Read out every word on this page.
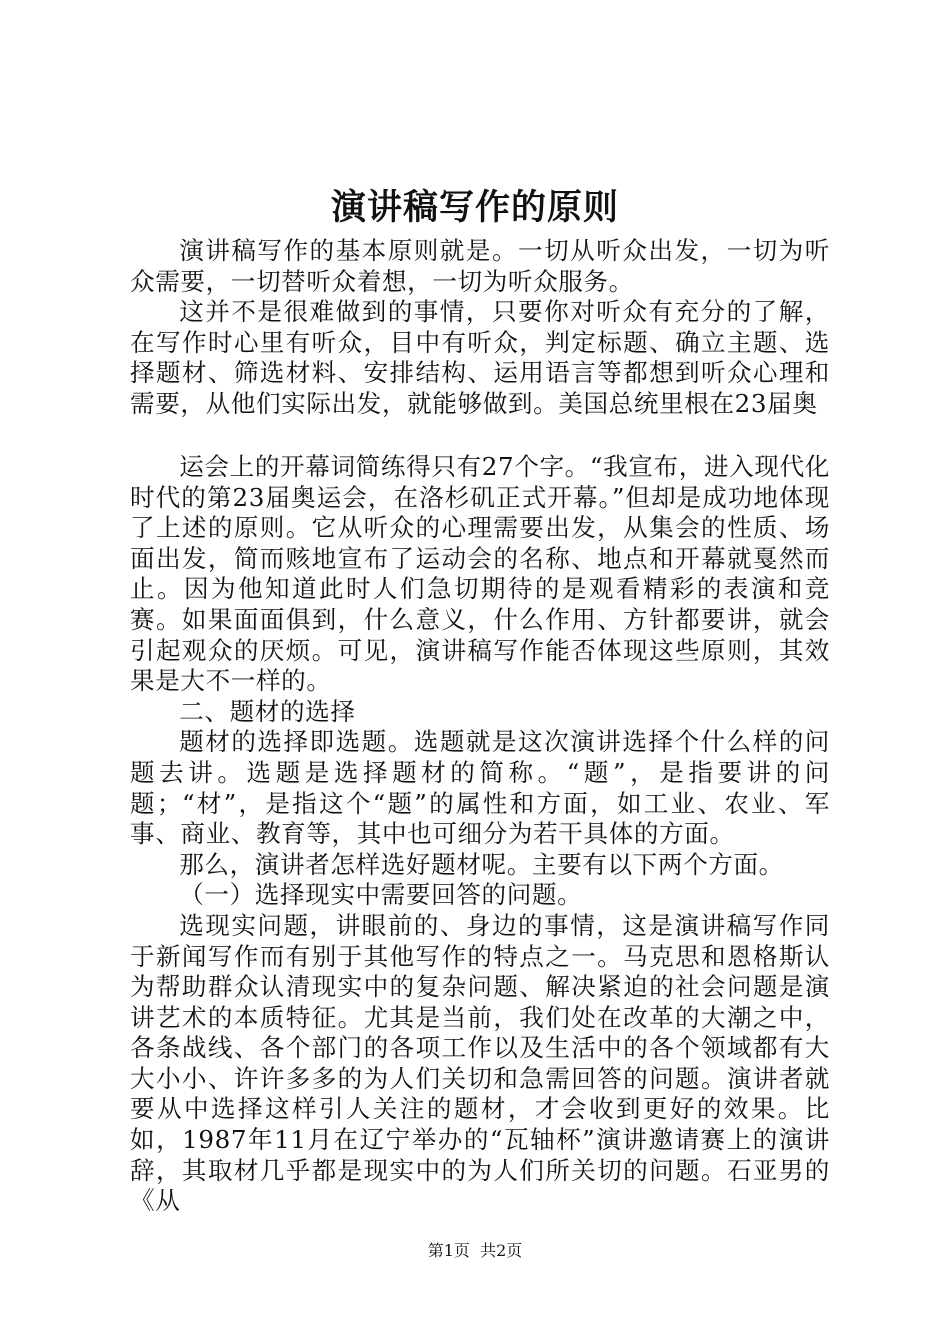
演讲稿写作的原则

演讲稿写作的基本原则就是。一切从听众出发，一切为听众需要，一切替听众着想，一切为听众服务。

这并不是很难做到的事情，只要你对听众有充分的了解，在写作时心里有听众，目中有听众，判定标题、确立主题、选择题材、筛选材料、安排结构、运用语言等都想到听众心理和需要，从他们实际出发，就能够做到。美国总统里根在23届奥

运会上的开幕词简练得只有27个字。“我宣布，进入现代化时代的第23届奥运会，在洛杉矶正式开幕。”但却是成功地体现了上述的原则。它从听众的心理需要出发，从集会的性质、场面出发，简而赅地宣布了运动会的名称、地点和开幕就戛然而止。因为他知道此时人们急切期待的是观看精彩的表演和竞赛。如果面面俱到，什么意义，什么作用、方针都要讲，就会引起观众的厌烦。可见，演讲稿写作能否体现这些原则，其效果是大不一样的。

二、题材的选择

题材的选择即选题。选题就是这次演讲选择个什么样的问题去讲。选题是选择题材的简称。“题”，是指要讲的问题；“材”，是指这个“题”的属性和方面，如工业、农业、军事、商业、教育等，其中也可细分为若干具体的方面。

那么，演讲者怎样选好题材呢。主要有以下两个方面。

（一）选择现实中需要回答的问题。

选现实问题，讲眼前的、身边的事情，这是演讲稿写作同于新闻写作而有别于其他写作的特点之一。马克思和恩格斯认为帮助群众认清现实中的复杂问题、解决紧迫的社会问题是演讲艺术的本质特征。尤其是当前，我们处在改革的大潮之中，各条战线、各个部门的各项工作以及生活中的各个领域都有大大小小、许许多多的为人们关切和急需回答的问题。演讲者就要从中选择这样引人关注的题材，才会收到更好的效果。比如，1987年11月在辽宁举办的“瓦轴杯”演讲邀请赛上的演讲辞，其取材几乎都是现实中的为人们所关切的问题。石亚男的《从

第1页 共2页
